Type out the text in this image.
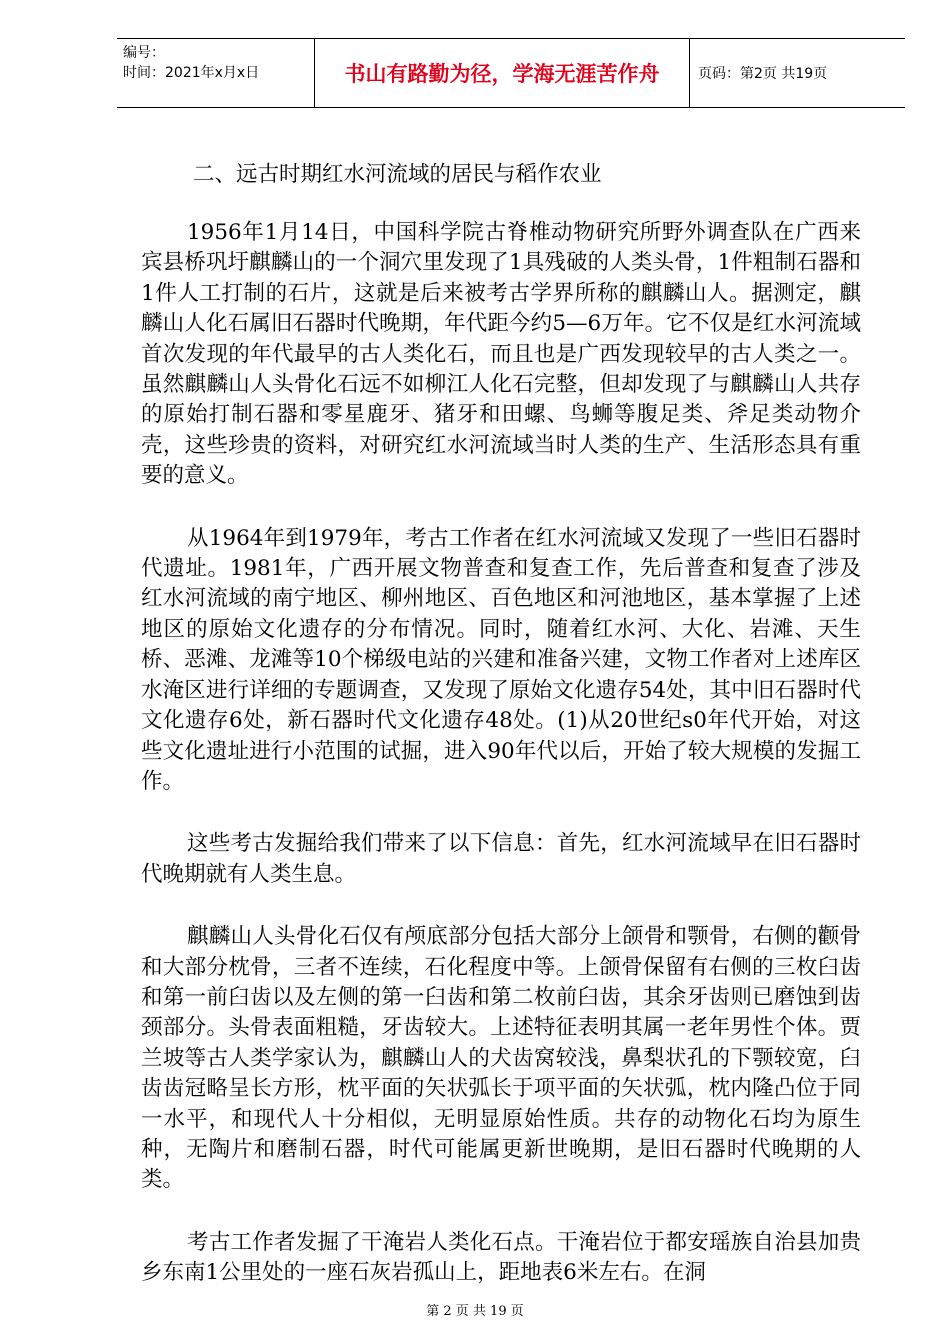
编号：
时间：2021年x月x日	书山有路勤为径，学海无涯苦作舟	页码：第2页 共19页
二、远古时期红水河流域的居民与稻作农业

1956年1月14日，中国科学院古脊椎动物研究所野外调查队在广西来宾县桥巩圩麒麟山的一个洞穴里发现了1具残破的人类头骨，1件粗制石器和1件人工打制的石片，这就是后来被考古学界所称的麒麟山人。据测定，麒麟山人化石属旧石器时代晚期，年代距今约5—6万年。它不仅是红水河流域首次发现的年代最早的古人类化石，而且也是广西发现较早的古人类之一。虽然麒麟山人头骨化石远不如柳江人化石完整，但却发现了与麒麟山人共存的原始打制石器和零星鹿牙、猪牙和田螺、鸟蛳等腹足类、斧足类动物介壳，这些珍贵的资料，对研究红水河流域当时人类的生产、生活形态具有重要的意义。

从1964年到1979年，考古工作者在红水河流域又发现了一些旧石器时代遗址。1981年，广西开展文物普查和复查工作，先后普查和复查了涉及红水河流域的南宁地区、柳州地区、百色地区和河池地区，基本掌握了上述地区的原始文化遗存的分布情况。同时，随着红水河、大化、岩滩、天生桥、恶滩、龙滩等10个梯级电站的兴建和准备兴建，文物工作者对上述库区水淹区进行详细的专题调查，又发现了原始文化遗存54处，其中旧石器时代文化遗存6处，新石器时代文化遗存48处。(1)从20世纪s0年代开始，对这些文化遗址进行小范围的试掘，进入90年代以后，开始了较大规模的发掘工作。

这些考古发掘给我们带来了以下信息：首先，红水河流域早在旧石器时代晚期就有人类生息。

麒麟山人头骨化石仅有颅底部分包括大部分上颌骨和颚骨，右侧的颧骨和大部分枕骨，三者不连续，石化程度中等。上颌骨保留有右侧的三枚臼齿和第一前臼齿以及左侧的第一臼齿和第二枚前臼齿，其余牙齿则已磨蚀到齿颈部分。头骨表面粗糙，牙齿较大。上述特征表明其属一老年男性个体。贾兰坡等古人类学家认为，麒麟山人的犬齿窝较浅，鼻梨状孔的下颚较宽，臼齿齿冠略呈长方形，枕平面的矢状弧长于项平面的矢状弧，枕内隆凸位于同一水平，和现代人十分相似，无明显原始性质。共存的动物化石均为原生种，无陶片和磨制石器，时代可能属更新世晚期，是旧石器时代晚期的人类。

考古工作者发掘了干淹岩人类化石点。干淹岩位于都安瑶族自治县加贵乡东南1公里处的一座石灰岩孤山上，距地表6米左右。在洞

第 2 页 共 19 页
